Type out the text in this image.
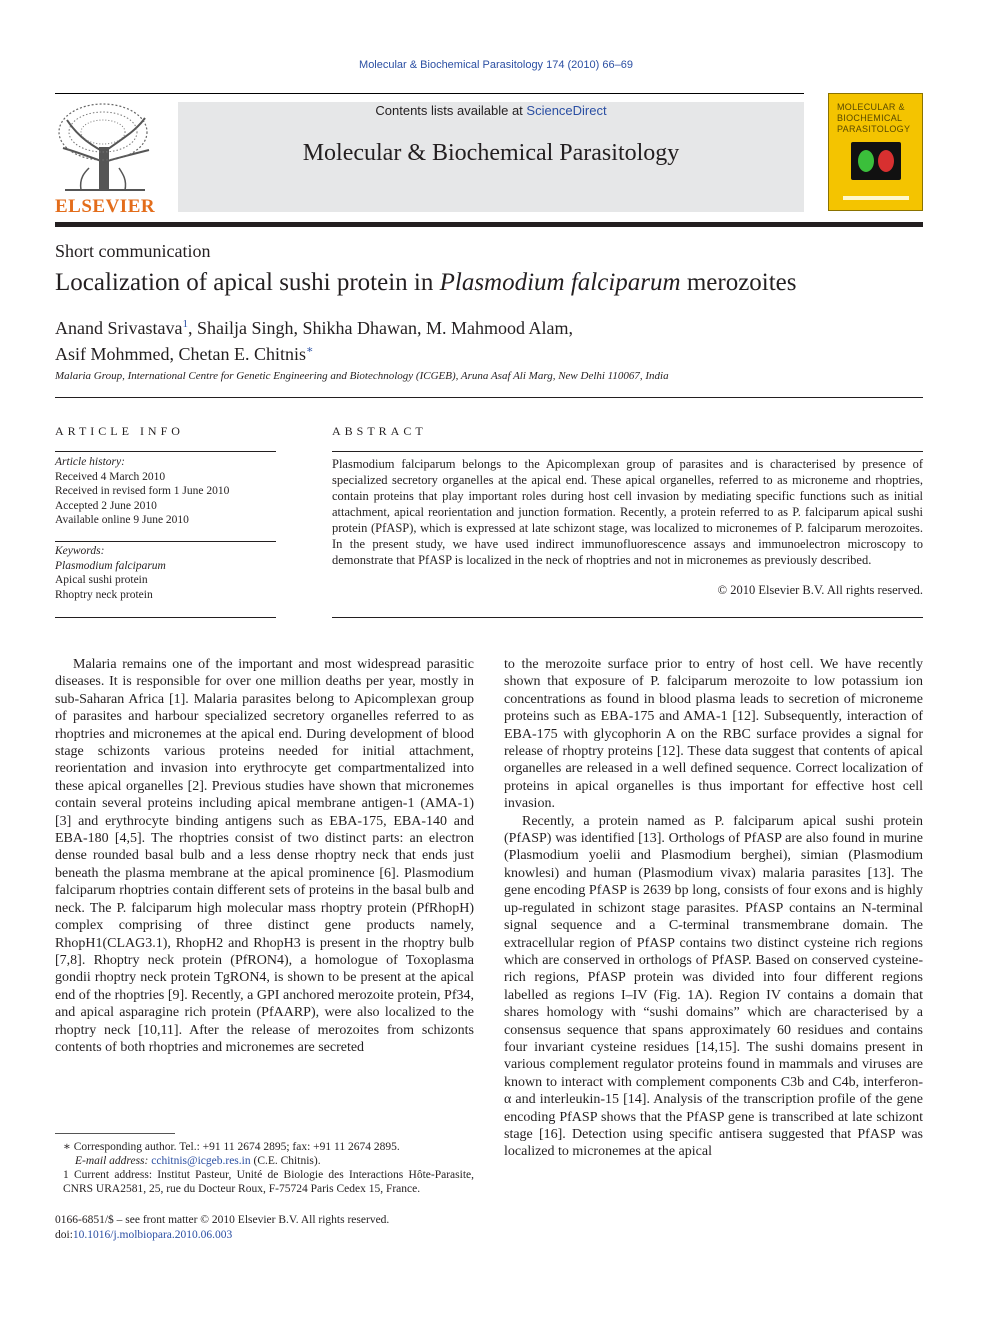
Molecular & Biochemical Parasitology 174 (2010) 66–69
ELSEVIER
Contents lists available at ScienceDirect
Molecular & Biochemical Parasitology
MOLECULAR & BIOCHEMICAL PARASITOLOGY
Short communication
Localization of apical sushi protein in Plasmodium falciparum merozoites
Anand Srivastava$^1$, Shailja Singh, Shikha Dhawan, M. Mahmood Alam,
Asif Mohmmed, Chetan E. Chitnis∗
Malaria Group, International Centre for Genetic Engineering and Biotechnology (ICGEB), Aruna Asaf Ali Marg, New Delhi 110067, India
ARTICLE INFO
Article history:
Received 4 March 2010
Received in revised form 1 June 2010
Accepted 2 June 2010
Available online 9 June 2010
Keywords:
Plasmodium falciparum
Apical sushi protein
Rhoptry neck protein
ABSTRACT
Plasmodium falciparum belongs to the Apicomplexan group of parasites and is characterised by presence of specialized secretory organelles at the apical end. These apical organelles, referred to as microneme and rhoptries, contain proteins that play important roles during host cell invasion by mediating specific functions such as initial attachment, apical reorientation and junction formation. Recently, a protein referred to as P. falciparum apical sushi protein (PfASP), which is expressed at late schizont stage, was localized to micronemes of P. falciparum merozoites. In the present study, we have used indirect immunofluorescence assays and immunoelectron microscopy to demonstrate that PfASP is localized in the neck of rhoptries and not in micronemes as previously described.
© 2010 Elsevier B.V. All rights reserved.

Malaria remains one of the important and most widespread parasitic diseases. It is responsible for over one million deaths per year, mostly in sub-Saharan Africa [1]. Malaria parasites belong to Apicomplexan group of parasites and harbour specialized secretory organelles referred to as rhoptries and micronemes at the apical end. During development of blood stage schizonts various proteins needed for initial attachment, reorientation and invasion into erythrocyte get compartmentalized into these apical organelles [2]. Previous studies have shown that micronemes contain several proteins including apical membrane antigen-1 (AMA-1) [3] and erythrocyte binding antigens such as EBA-175, EBA-140 and EBA-180 [4,5]. The rhoptries consist of two distinct parts: an electron dense rounded basal bulb and a less dense rhoptry neck that ends just beneath the plasma membrane at the apical prominence [6]. Plasmodium falciparum rhoptries contain different sets of proteins in the basal bulb and neck. The P. falciparum high molecular mass rhoptry protein (PfRhopH) complex comprising of three distinct gene products namely, RhopH1(CLAG3.1), RhopH2 and RhopH3 is present in the rhoptry bulb [7,8]. Rhoptry neck protein (PfRON4), a homologue of Toxoplasma gondii rhoptry neck protein TgRON4, is shown to be present at the apical end of the rhoptries [9]. Recently, a GPI anchored merozoite protein, Pf34, and apical asparagine rich protein (PfAARP), were also localized to the rhoptry neck [10,11]. After the release of merozoites from schizonts contents of both rhoptries and micronemes are secreted

to the merozoite surface prior to entry of host cell. We have recently shown that exposure of P. falciparum merozoite to low potassium ion concentrations as found in blood plasma leads to secretion of microneme proteins such as EBA-175 and AMA-1 [12]. Subsequently, interaction of EBA-175 with glycophorin A on the RBC surface provides a signal for release of rhoptry proteins [12]. These data suggest that contents of apical organelles are released in a well defined sequence. Correct localization of proteins in apical organelles is thus important for effective host cell invasion.

Recently, a protein named as P. falciparum apical sushi protein (PfASP) was identified [13]. Orthologs of PfASP are also found in murine (Plasmodium yoelii and Plasmodium berghei), simian (Plasmodium knowlesi) and human (Plasmodium vivax) malaria parasites [13]. The gene encoding PfASP is 2639 bp long, consists of four exons and is highly up-regulated in schizont stage parasites. PfASP contains an N-terminal signal sequence and a C-terminal transmembrane domain. The extracellular region of PfASP contains two distinct cysteine rich regions which are conserved in orthologs of PfASP. Based on conserved cysteine-rich regions, PfASP protein was divided into four different regions labelled as regions I–IV (Fig. 1A). Region IV contains a domain that shares homology with “sushi domains” which are characterised by a consensus sequence that spans approximately 60 residues and contains four invariant cysteine residues [14,15]. The sushi domains present in various complement regulator proteins found in mammals and viruses are known to interact with complement components C3b and C4b, interferon-α and interleukin-15 [14]. Analysis of the transcription profile of the gene encoding PfASP shows that the PfASP gene is transcribed at late schizont stage [16]. Detection using specific antisera suggested that PfASP was localized to micronemes at the apical

∗ Corresponding author. Tel.: +91 11 2674 2895; fax: +91 11 2674 2895.
E-mail address: cchitnis@icgeb.res.in (C.E. Chitnis).
1 Current address: Institut Pasteur, Unité de Biologie des Interactions Hôte-Parasite, CNRS URA2581, 25, rue du Docteur Roux, F-75724 Paris Cedex 15, France.
0166-6851/$ – see front matter © 2010 Elsevier B.V. All rights reserved.
doi:10.1016/j.molbiopara.2010.06.003
